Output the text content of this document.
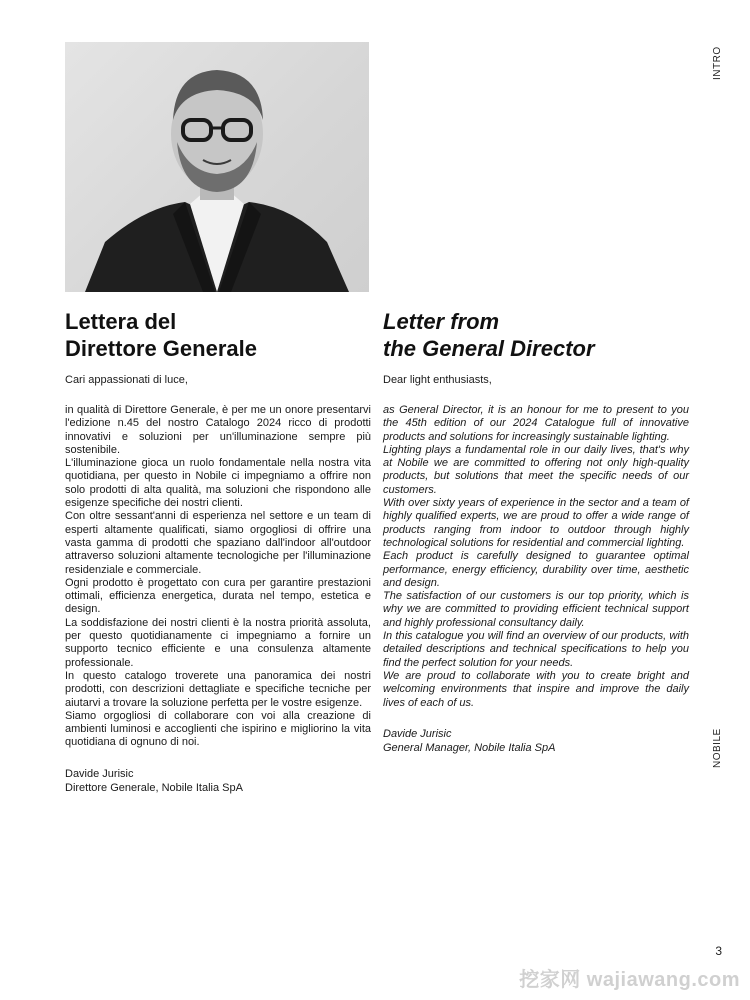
INTRO
NOBILE
Lettera del
Direttore Generale
Cari appassionati di luce,

in qualità di Direttore Generale, è per me un onore presentarvi l'edizione n.45 del nostro Catalogo 2024 ricco di prodotti innovativi e soluzioni per un'illuminazione sempre più sostenibile.

L'illuminazione gioca un ruolo fondamentale nella nostra vita quotidiana, per questo in Nobile ci impegniamo a offrire non solo prodotti di alta qualità, ma soluzioni che rispondono alle esigenze specifiche dei nostri clienti.

Con oltre sessant'anni di esperienza nel settore e un team di esperti altamente qualificati, siamo orgogliosi di offrire una vasta gamma di prodotti che spaziano dall'indoor all'outdoor attraverso soluzioni altamente tecnologiche per l'illuminazione residenziale e commerciale.

Ogni prodotto è progettato con cura per garantire prestazioni ottimali, efficienza energetica, durata nel tempo, estetica e design.

La soddisfazione dei nostri clienti è la nostra priorità assoluta, per questo quotidianamente ci impegniamo a fornire un supporto tecnico efficiente e una consulenza altamente professionale.

In questo catalogo troverete una panoramica dei nostri prodotti, con descrizioni dettagliate e specifiche tecniche per aiutarvi a trovare la soluzione perfetta per le vostre esigenze.

Siamo orgogliosi di collaborare con voi alla creazione di ambienti luminosi e accoglienti che ispirino e migliorino la vita quotidiana di ognuno di noi.

Davide Jurisic
Direttore Generale, Nobile Italia SpA
Letter from
the General Director
Dear light enthusiasts,

as General Director, it is an honour for me to present to you the 45th edition of our 2024 Catalogue full of innovative products and solutions for increasingly sustainable lighting.

Lighting plays a fundamental role in our daily lives, that's why at Nobile we are committed to offering not only high-quality products, but solutions that meet the specific needs of our customers.

With over sixty years of experience in the sector and a team of highly qualified experts, we are proud to offer a wide range of products ranging from indoor to outdoor through highly technological solutions for residential and commercial lighting.

Each product is carefully designed to guarantee optimal performance, energy efficiency, durability over time, aesthetic and design.

The satisfaction of our customers is our top priority, which is why we are committed to providing efficient technical support and highly professional consultancy daily.

In this catalogue you will find an overview of our products, with detailed descriptions and technical specifications to help you find the perfect solution for your needs.

We are proud to collaborate with you to create bright and welcoming environments that inspire and improve the daily lives of each of us.

Davide Jurisic
General Manager, Nobile Italia SpA
3
挖家网 wajiawang.com
